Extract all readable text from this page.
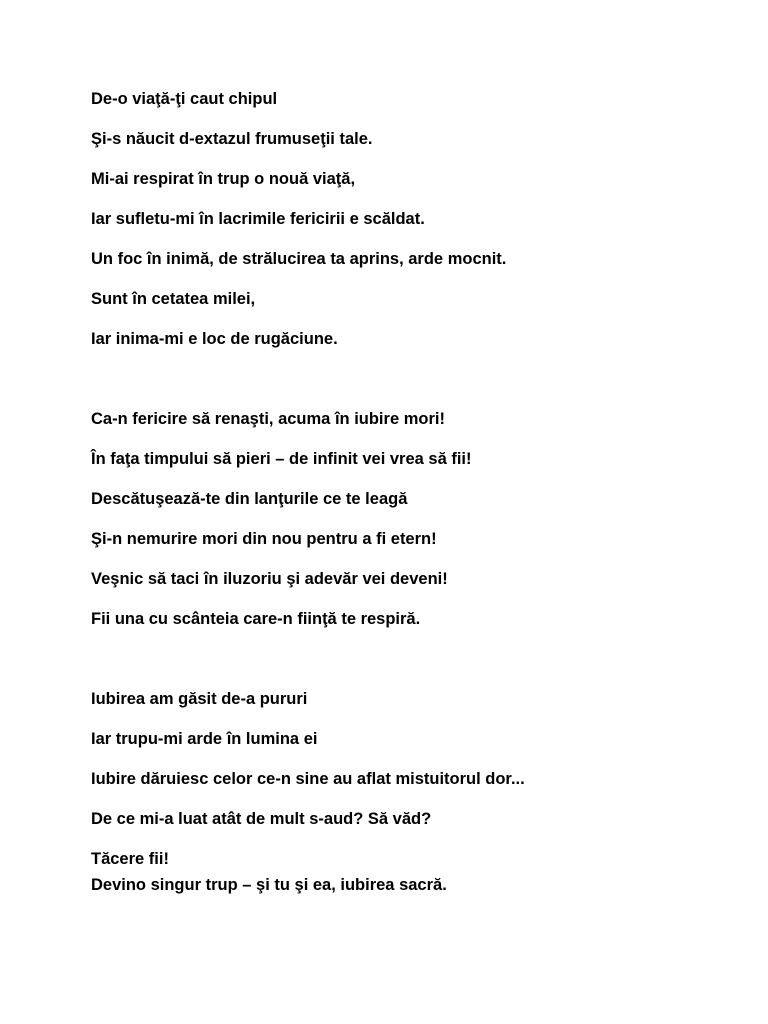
De-o viaţă-ţi caut chipul
Şi-s năucit d-extazul frumuseţii tale.
Mi-ai respirat în trup o nouă viaţă,
Iar sufletu-mi în lacrimile fericirii e scăldat.
Un foc în inimă, de strălucirea ta aprins, arde mocnit.
Sunt în cetatea milei,
Iar inima-mi e loc de rugăciune.
Ca-n fericire să renaşti, acuma în iubire mori!
În faţa timpului să pieri – de infinit vei vrea să fii!
Descătuşează-te din lanţurile ce te leagă
Şi-n nemurire mori din nou pentru a fi etern!
Veşnic să taci în iluzoriu şi adevăr vei deveni!
Fii una cu scânteia care-n fiinţă te respiră.
Iubirea am găsit de-a pururi
Iar trupu-mi arde în lumina ei
Iubire dăruiesc celor ce-n sine au aflat mistuitorul dor...
De ce mi-a luat atât de mult s-aud? Să văd?
Tăcere fii!
Devino singur trup – şi tu şi ea, iubirea sacră.
